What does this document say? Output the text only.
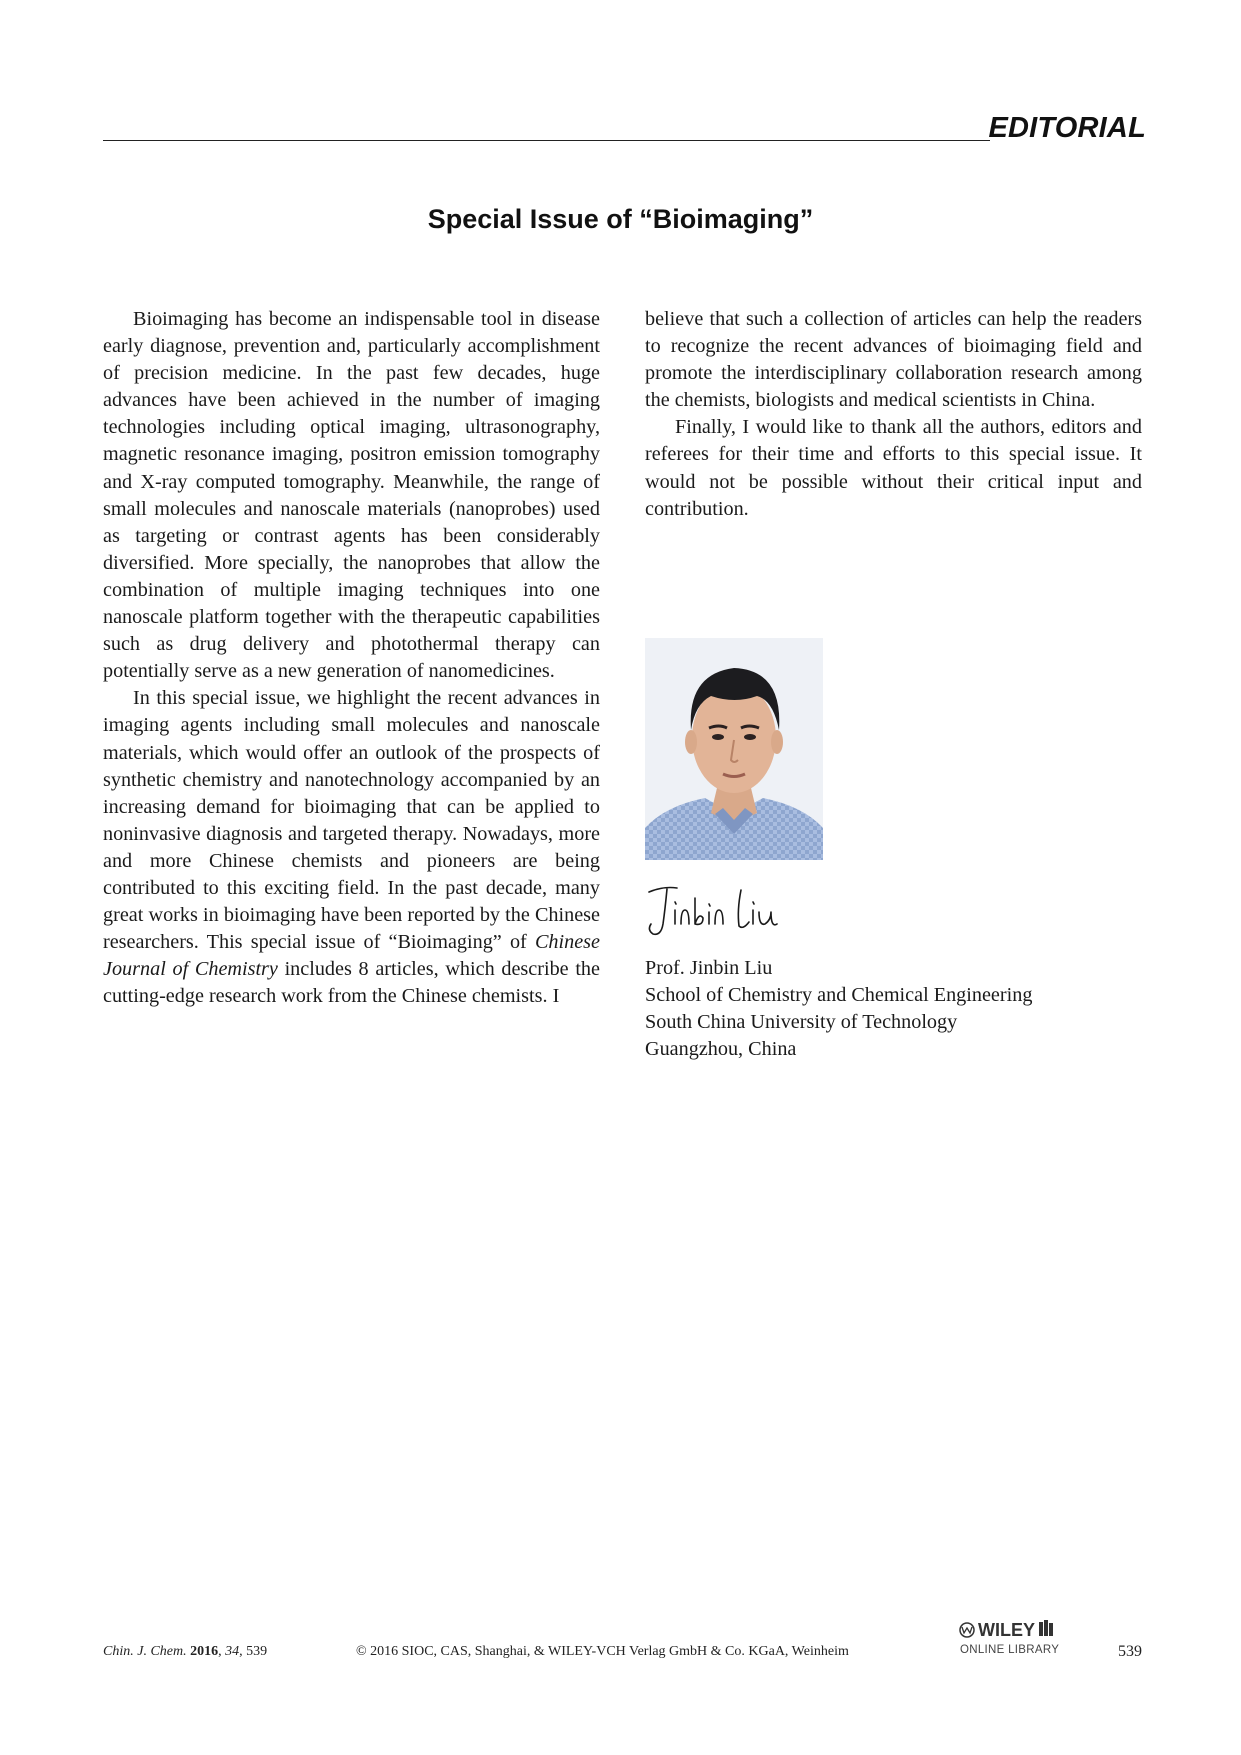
EDITORIAL
Special Issue of “Bioimaging”

Bioimaging has become an indispensable tool in disease early diagnose, prevention and, particularly accomplishment of precision medicine. In the past few decades, huge advances have been achieved in the number of imaging technologies including optical imaging, ultrasonography, magnetic resonance imaging, positron emission tomography and X-ray computed tomography. Meanwhile, the range of small molecules and nanoscale materials (nanoprobes) used as targeting or contrast agents has been considerably diversified. More specially, the nanoprobes that allow the combination of multiple imaging techniques into one nanoscale platform together with the therapeutic capabilities such as drug delivery and photothermal therapy can potentially serve as a new generation of nanomedicines.

In this special issue, we highlight the recent advances in imaging agents including small molecules and nanoscale materials, which would offer an outlook of the prospects of synthetic chemistry and nanotechnology accompanied by an increasing demand for bioimaging that can be applied to noninvasive diagnosis and targeted therapy. Nowadays, more and more Chinese chemists and pioneers are being contributed to this exciting field. In the past decade, many great works in bioimaging have been reported by the Chinese researchers. This special issue of “Bioimaging” of Chinese Journal of Chemistry includes 8 articles, which describe the cutting-edge research work from the Chinese chemists. I

believe that such a collection of articles can help the readers to recognize the recent advances of bioimaging field and promote the interdisciplinary collaboration research among the chemists, biologists and medical scientists in China.

Finally, I would like to thank all the authors, editors and referees for their time and efforts to this special issue. It would not be possible without their critical input and contribution.

Prof. Jinbin Liu
School of Chemistry and Chemical Engineering
South China University of Technology
Guangzhou, China
Chin. J. Chem. 2016, 34, 539	© 2016 SIOC, CAS, Shanghai, & WILEY-VCH Verlag GmbH & Co. KGaA, Weinheim
WILEY
ONLINE LIBRARY	539
